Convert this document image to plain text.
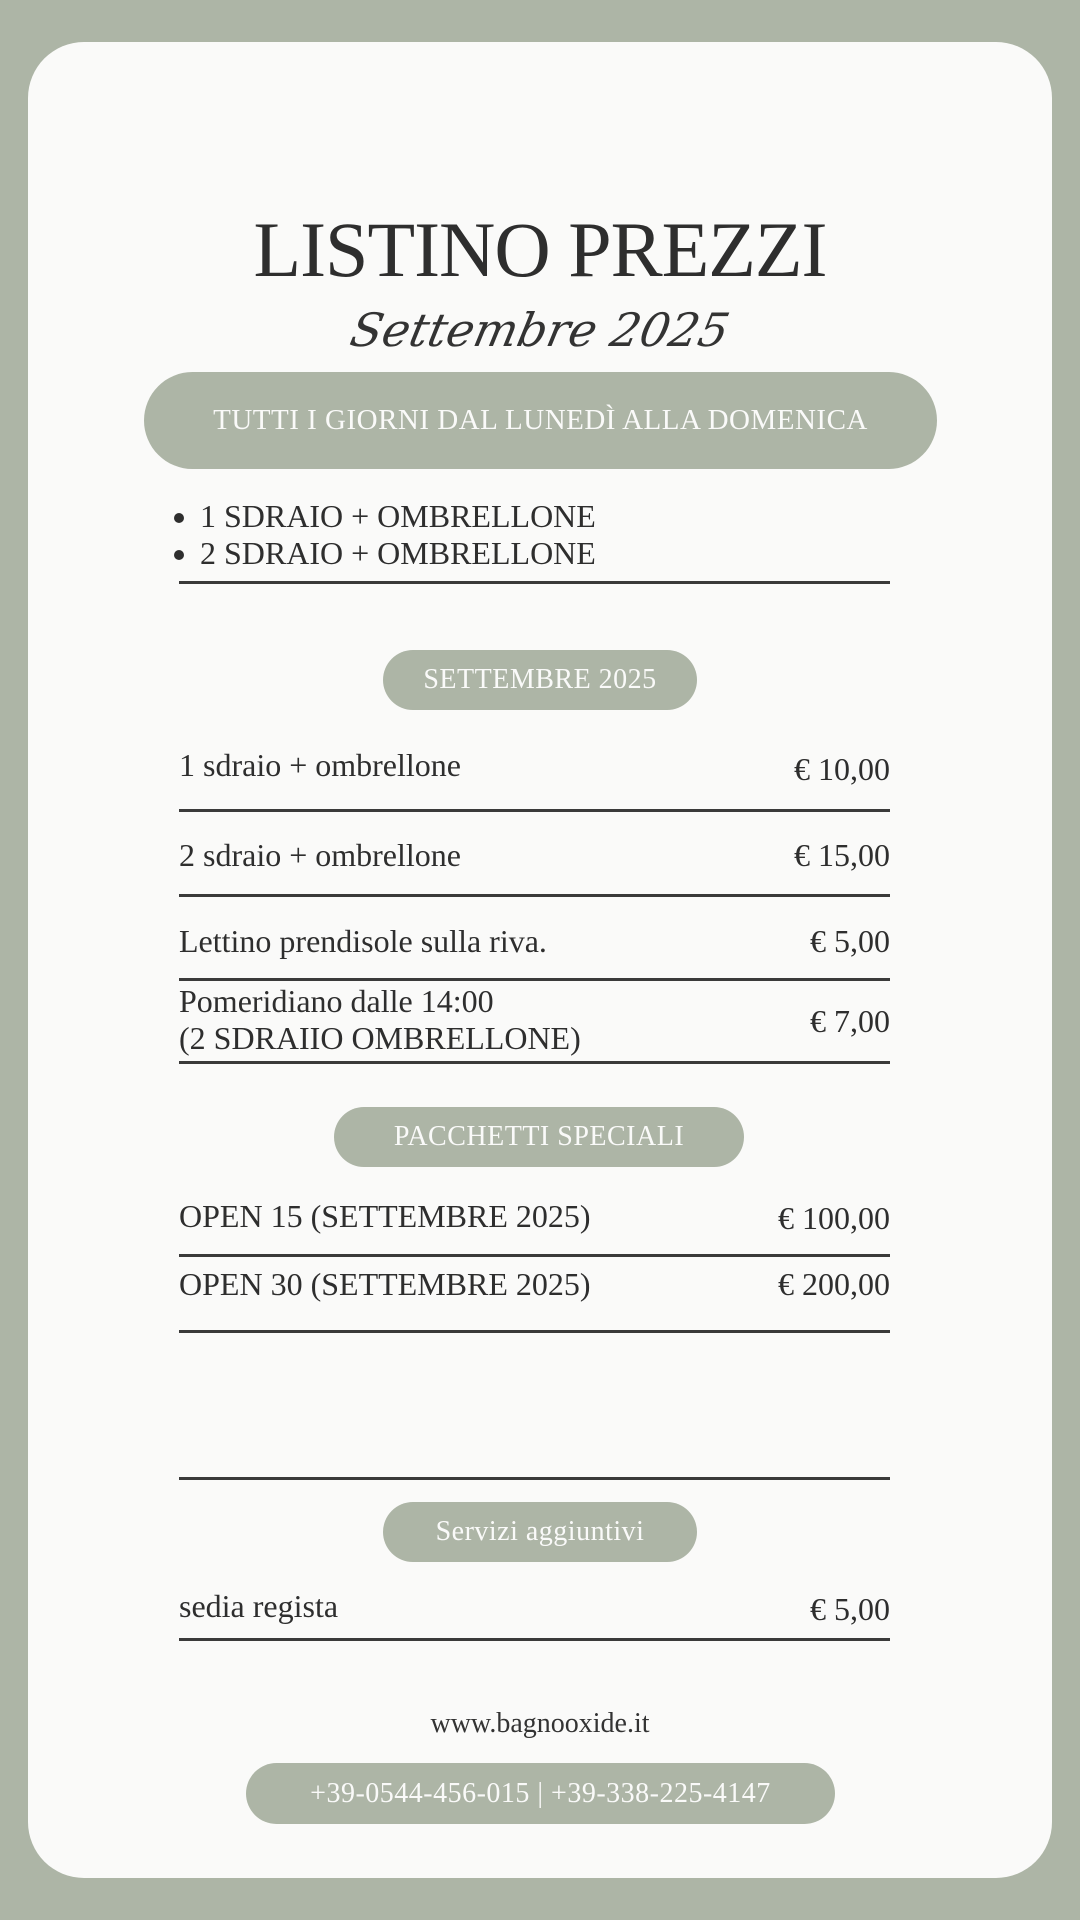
LISTINO PREZZI
Settembre 2025
TUTTI I GIORNI DAL LUNEDÌ ALLA DOMENICA
• 1 SDRAIO + OMBRELLONE
• 2 SDRAIO + OMBRELLONE
SETTEMBRE 2025
1 sdraio + ombrellone	€ 10,00
2 sdraio + ombrellone	€ 15,00
Lettino prendisole sulla riva.	€ 5,00
Pomeridiano dalle 14:00
(2 SDRAIIO OMBRELLONE)	€ 7,00
PACCHETTI SPECIALI
OPEN 15 (SETTEMBRE 2025)	€ 100,00
OPEN 30 (SETTEMBRE 2025)	€ 200,00
Servizi aggiuntivi
sedia regista	€ 5,00
www.bagnooxide.it
+39-0544-456-015 | +39-338-225-4147
